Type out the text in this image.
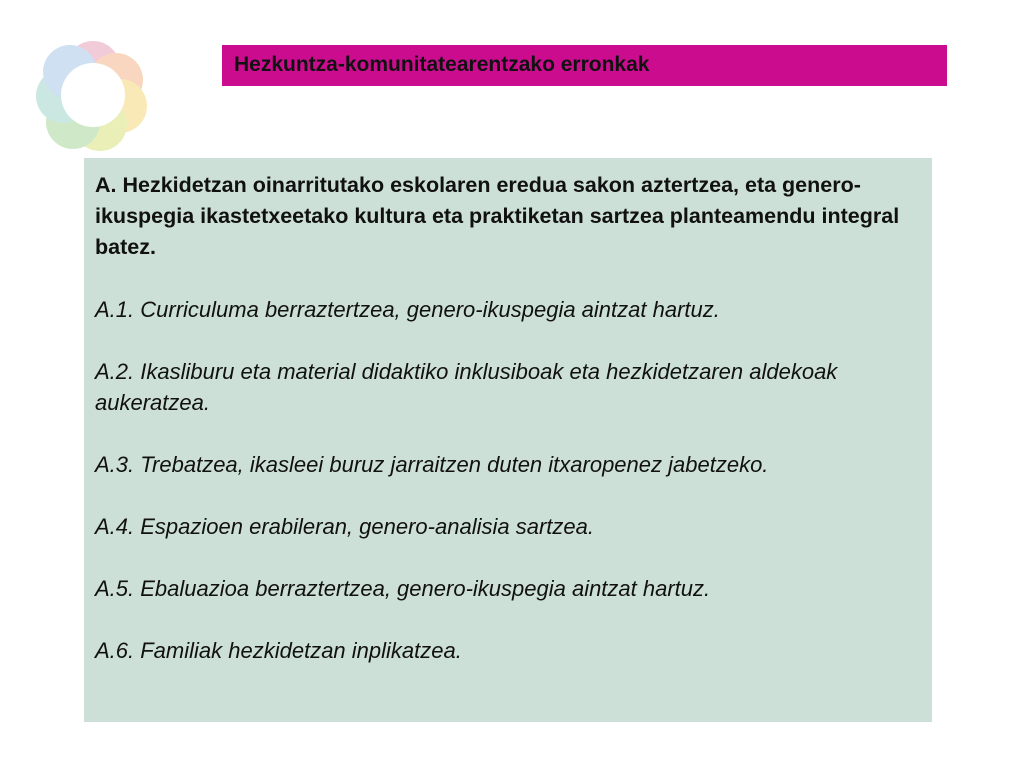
Hezkuntza-komunitatearentzako erronkak

A. Hezkidetzan oinarritutako eskolaren eredua sakon aztertzea, eta genero-ikuspegia ikastetxeetako kultura eta praktiketan sartzea planteamendu integral batez.

A.1. Curriculuma berraztertzea, genero-ikuspegia aintzat hartuz.

A.2. Ikasliburu eta material didaktiko inklusiboak eta hezkidetzaren aldekoak aukeratzea.

A.3. Trebatzea, ikasleei buruz jarraitzen duten itxaropenez jabetzeko.

A.4. Espazioen erabileran, genero-analisia sartzea.

A.5. Ebaluazioa berraztertzea, genero-ikuspegia aintzat hartuz.

A.6. Familiak hezkidetzan inplikatzea.
